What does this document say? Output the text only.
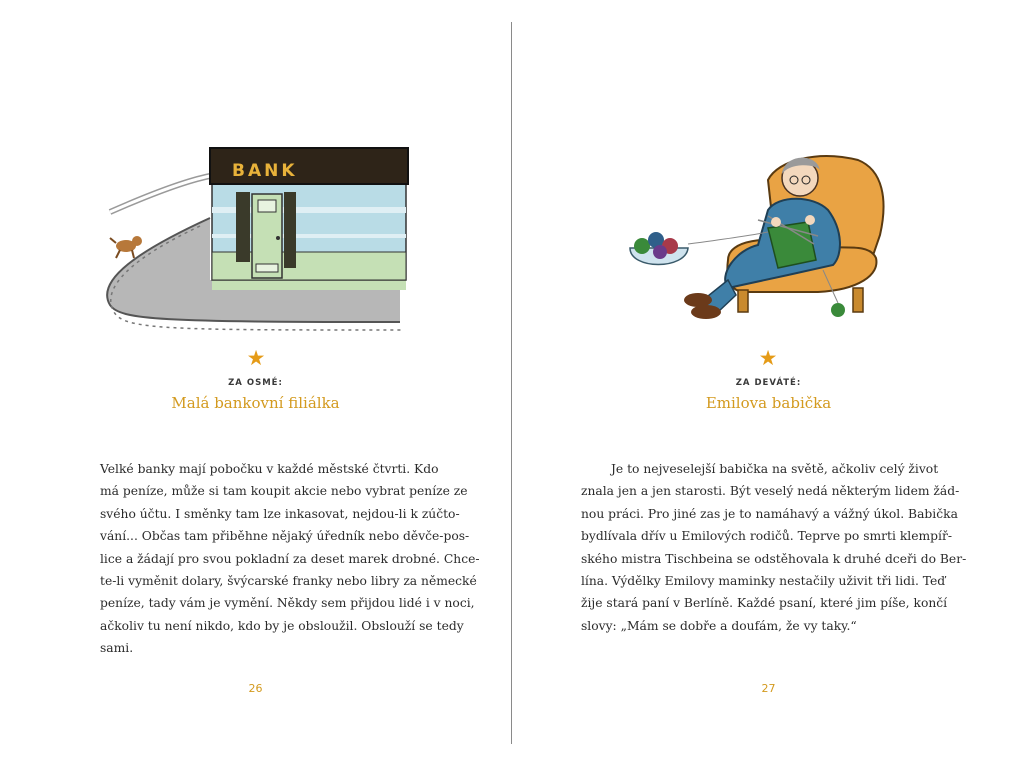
BANK
★
ZA OSMÉ:
Malá bankovní filiálka
Velké banky mají pobočku v každé městské čtvrti. Kdo
má peníze, může si tam koupit akcie nebo vybrat peníze ze
svého účtu. I směnky tam lze inkasovat, nejdou-li k zúčto-
vání... Občas tam přiběhne nějaký úředník nebo děvče-pos-
lice a žádají pro svou pokladní za deset marek drobné. Chce-
te-li vyměnit dolary, švýcarské franky nebo libry za německé
peníze, tady vám je vymění. Někdy sem přijdou lidé i v noci,
ačkoliv tu není nikdo, kdo by je obsloužil. Obslouží se tedy
sami.
26
★
ZA DEVÁTÉ:
Emilova babička
Je to nejveselejší babička na světě, ačkoliv celý život
znala jen a jen starosti. Být veselý nedá některým lidem žád-
nou práci. Pro jiné zas je to namáhavý a vážný úkol. Babička
bydlívala dřív u Emilových rodičů. Teprve po smrti klempíř-
ského mistra Tischbeina se odstěhovala k druhé dceři do Ber-
lína. Výdělky Emilovy maminky nestačily uživit tři lidi. Teď
žije stará paní v Berlíně. Každé psaní, které jim píše, končí
slovy: „Mám se dobře a doufám, že vy taky.“
27
